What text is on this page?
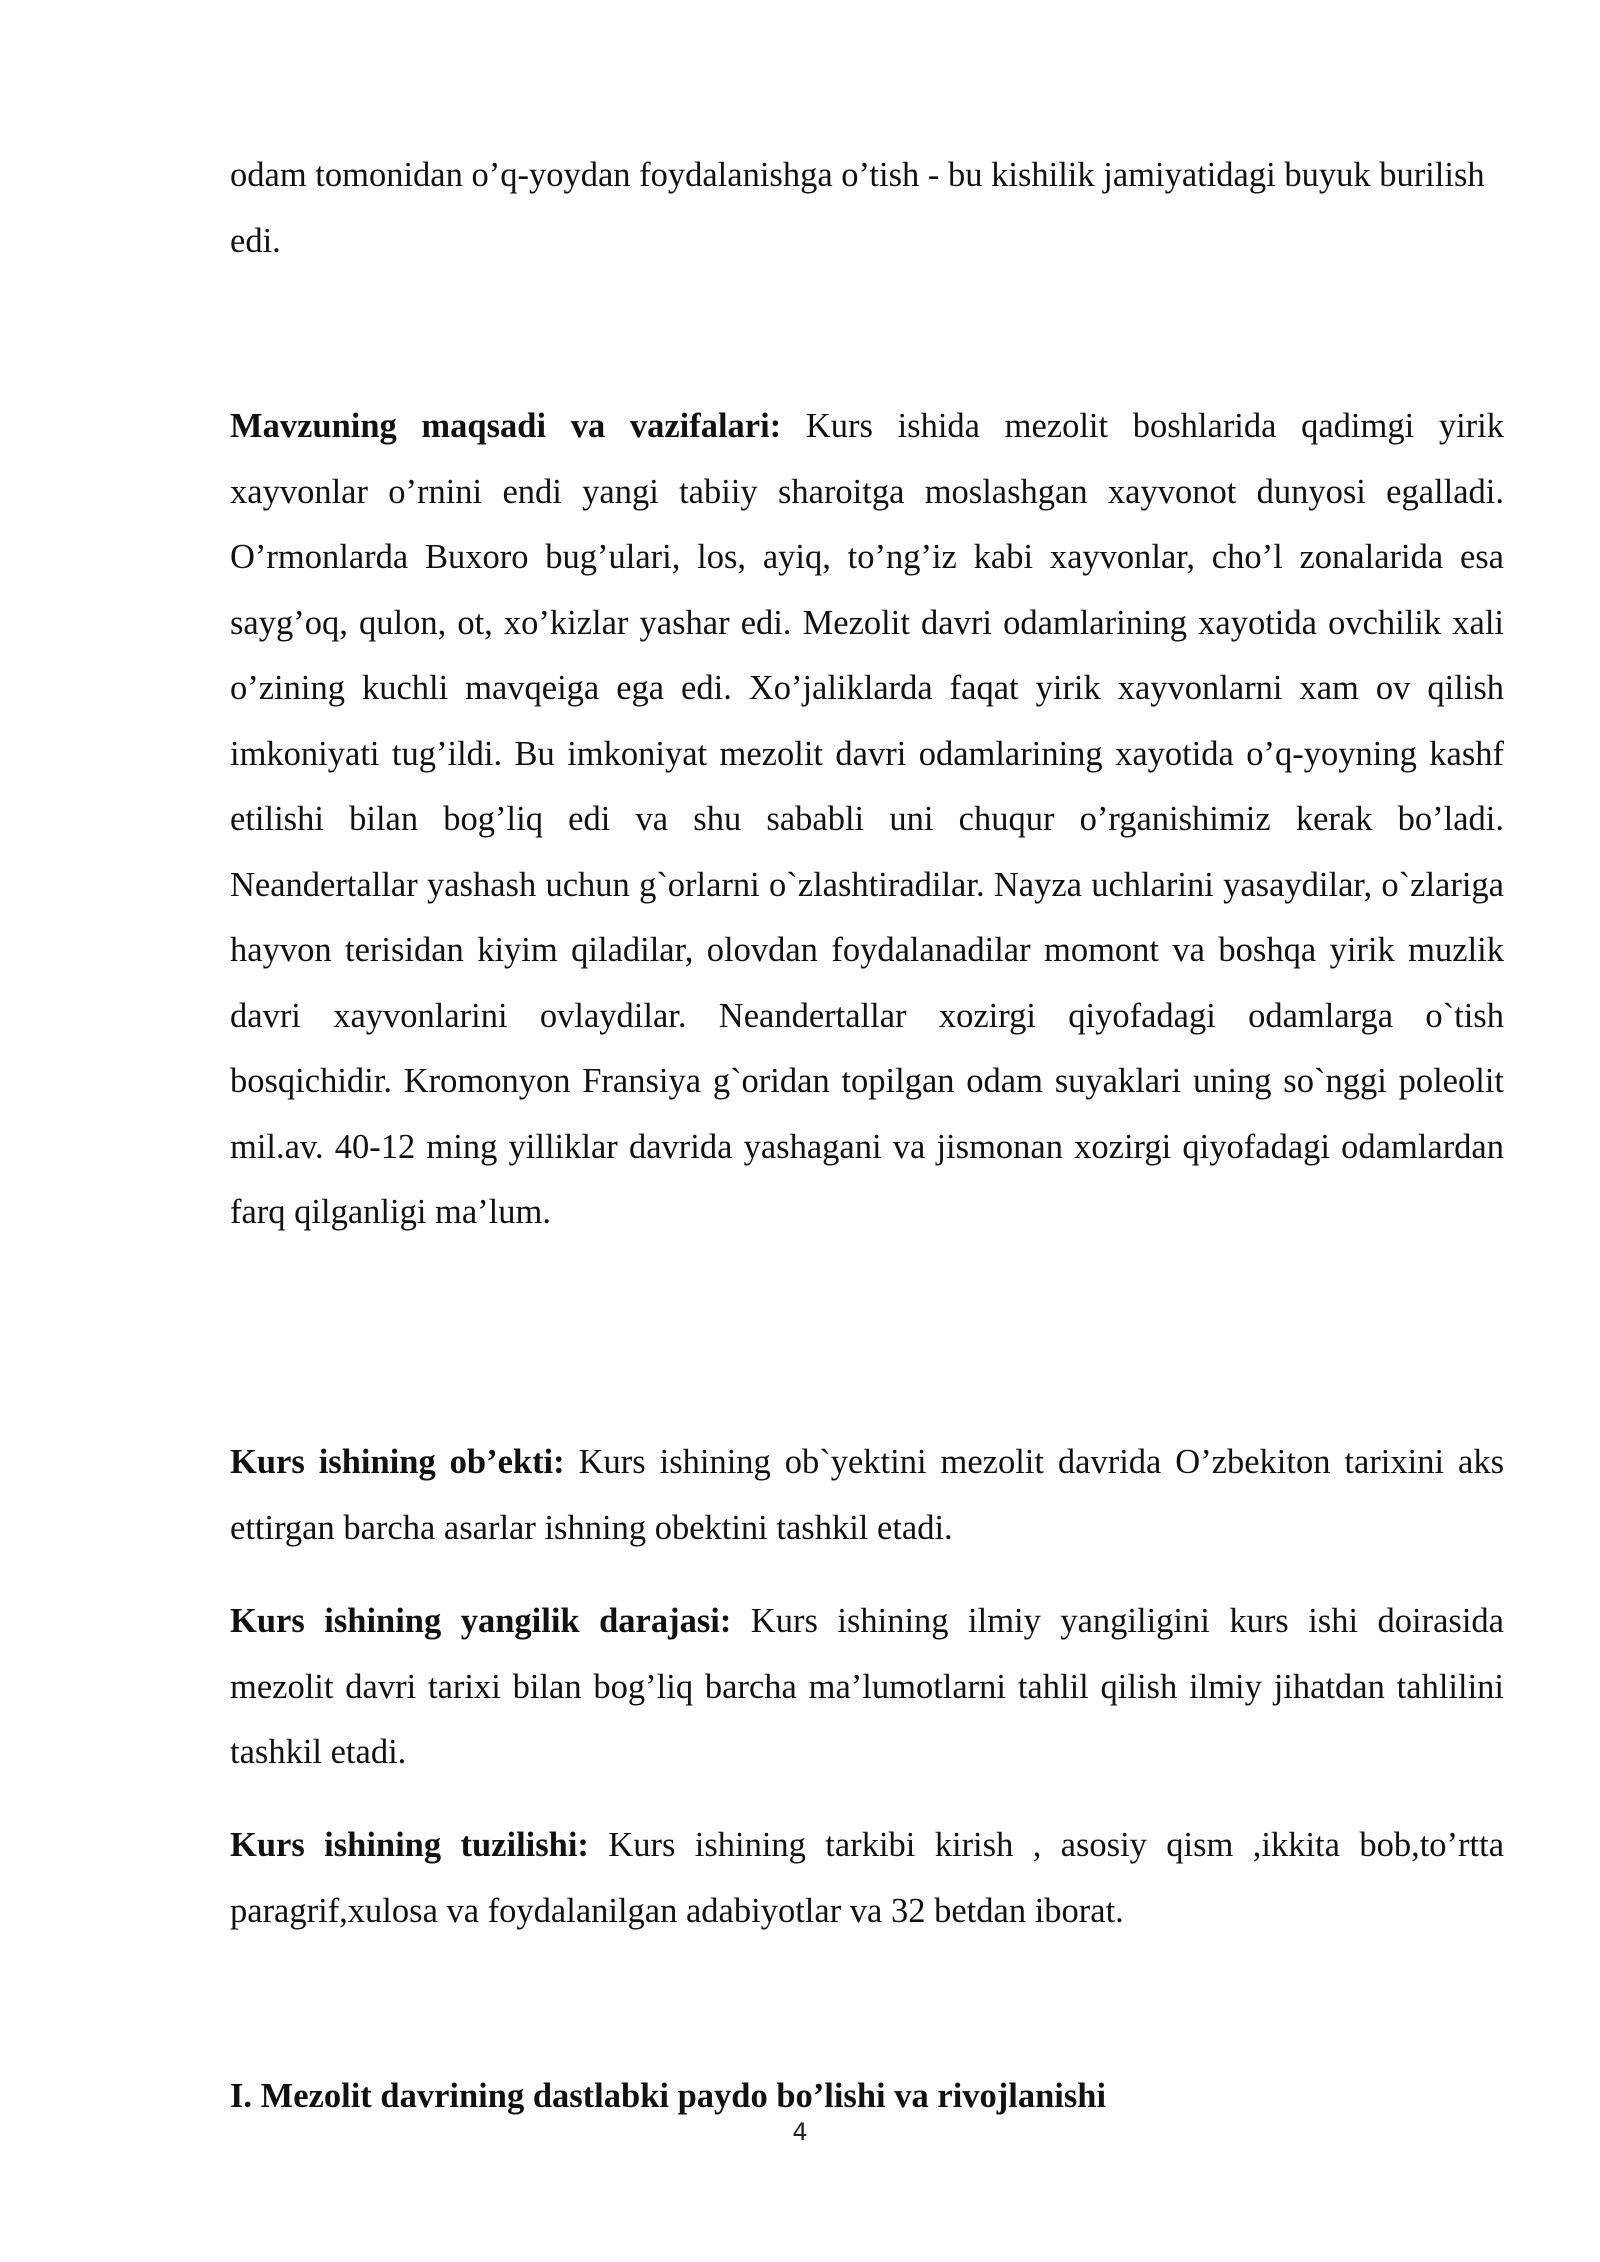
odam tomonidan o’q-yoydan foydalanishga o’tish - bu kishilik jamiyatidagi buyuk burilish edi.

Mavzuning maqsadi va vazifalari: Kurs ishida mezolit boshlarida qadimgi yirik xayvonlar o’rnini endi yangi tabiiy sharoitga moslashgan xayvonot dunyosi egalladi. O’rmonlarda Buxoro bug’ulari, los, ayiq, to’ng’iz kabi xayvonlar, cho’l zonalarida esa sayg’oq, qulon, ot, xo’kizlar yashar edi. Mezolit davri odamlarining xayotida ovchilik xali o’zining kuchli mavqeiga ega edi. Xo’jaliklarda faqat yirik xayvonlarni xam ov qilish imkoniyati tug’ildi. Bu imkoniyat mezolit davri odamlarining xayotida o’q-yoyning kashf etilishi bilan bog’liq edi va shu sababli uni chuqur o’rganishimiz kerak bo’ladi. Neandertallar yashash uchun g`orlarni o`zlashtiradilar. Nayza uchlarini yasaydilar, o`zlariga hayvon terisidan kiyim qiladilar, olovdan foydalanadilar momont va boshqa yirik muzlik davri xayvonlarini ovlaydilar. Neandertallar xozirgi qiyofadagi odamlarga o`tish bosqichidir. Kromonyon Fransiya g`oridan topilgan odam suyaklari uning so`nggi poleolit mil.av. 40-12 ming yilliklar davrida yashagani va jismonan xozirgi qiyofadagi odamlardan farq qilganligi ma’lum.

Kurs ishining ob’ekti: Kurs ishining ob`yektini mezolit davrida O’zbekiton tarixini aks ettirgan barcha asarlar ishning obektini tashkil etadi.

Kurs ishining yangilik darajasi: Kurs ishining ilmiy yangiligini kurs ishi doirasida mezolit davri tarixi bilan bog’liq barcha ma’lumotlarni tahlil qilish ilmiy jihatdan tahlilini tashkil etadi.

Kurs ishining tuzilishi: Kurs ishining tarkibi kirish , asosiy qism ,ikkita bob,to’rtta paragrif,xulosa va foydalanilgan adabiyotlar va 32 betdan iborat.

I. Mezolit davrining dastlabki paydo bo’lishi va rivojlanishi
4
